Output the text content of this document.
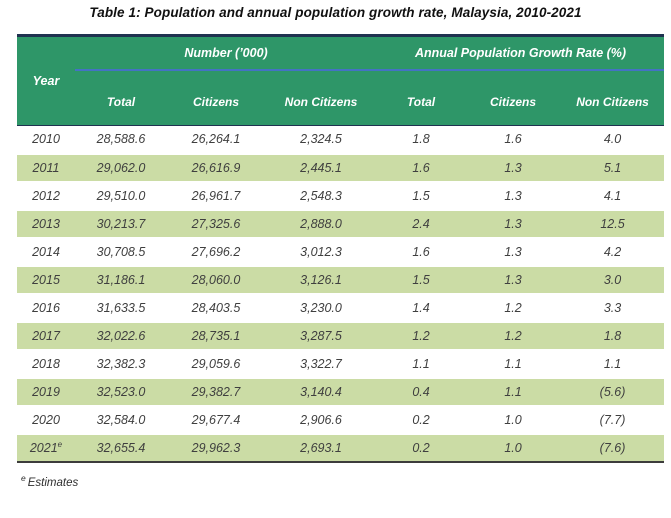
Table 1: Population and annual population growth rate, Malaysia, 2010-2021
Year	Number (’000)			Annual Population Growth Rate (%)		
	Total	Citizens	Non Citizens	Total	Citizens	Non Citizens
2010	28,588.6	26,264.1	2,324.5	1.8	1.6	4.0
2011	29,062.0	26,616.9	2,445.1	1.6	1.3	5.1
2012	29,510.0	26,961.7	2,548.3	1.5	1.3	4.1
2013	30,213.7	27,325.6	2,888.0	2.4	1.3	12.5
2014	30,708.5	27,696.2	3,012.3	1.6	1.3	4.2
2015	31,186.1	28,060.0	3,126.1	1.5	1.3	3.0
2016	31,633.5	28,403.5	3,230.0	1.4	1.2	3.3
2017	32,022.6	28,735.1	3,287.5	1.2	1.2	1.8
2018	32,382.3	29,059.6	3,322.7	1.1	1.1	1.1
2019	32,523.0	29,382.7	3,140.4	0.4	1.1	(5.6)
2020	32,584.0	29,677.4	2,906.6	0.2	1.0	(7.7)
2021e	32,655.4	29,962.3	2,693.1	0.2	1.0	(7.6)
$^e$ Estimates
